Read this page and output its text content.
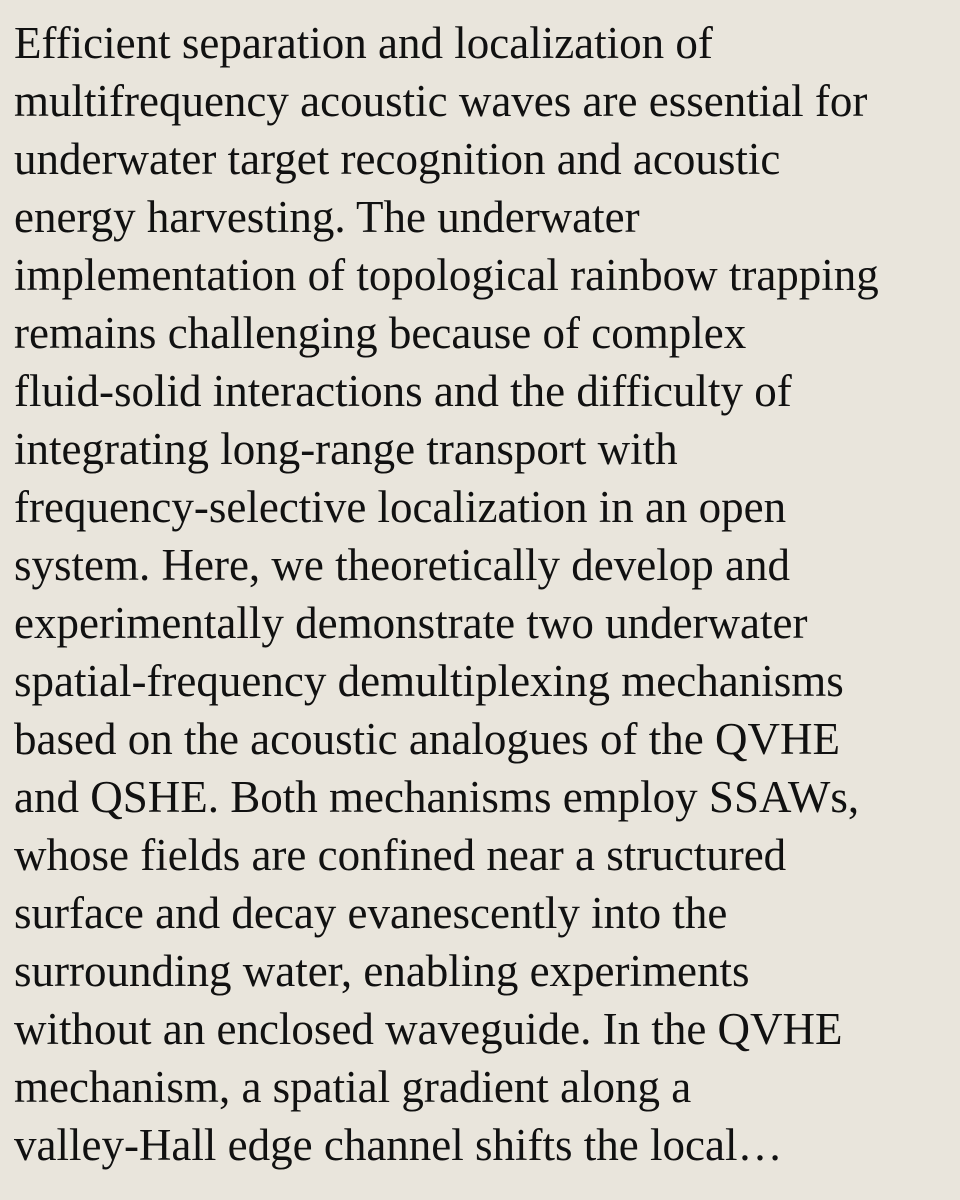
Efficient separation and localization of
multifrequency acoustic waves are essential for
underwater target recognition and acoustic
energy harvesting. The underwater
implementation of topological rainbow trapping
remains challenging because of complex
fluid-solid interactions and the difficulty of
integrating long-range transport with
frequency-selective localization in an open
system. Here, we theoretically develop and
experimentally demonstrate two underwater
spatial-frequency demultiplexing mechanisms
based on the acoustic analogues of the QVHE
and QSHE. Both mechanisms employ SSAWs,
whose fields are confined near a structured
surface and decay evanescently into the
surrounding water, enabling experiments
without an enclosed waveguide. In the QVHE
mechanism, a spatial gradient along a
valley-Hall edge channel shifts the local…
